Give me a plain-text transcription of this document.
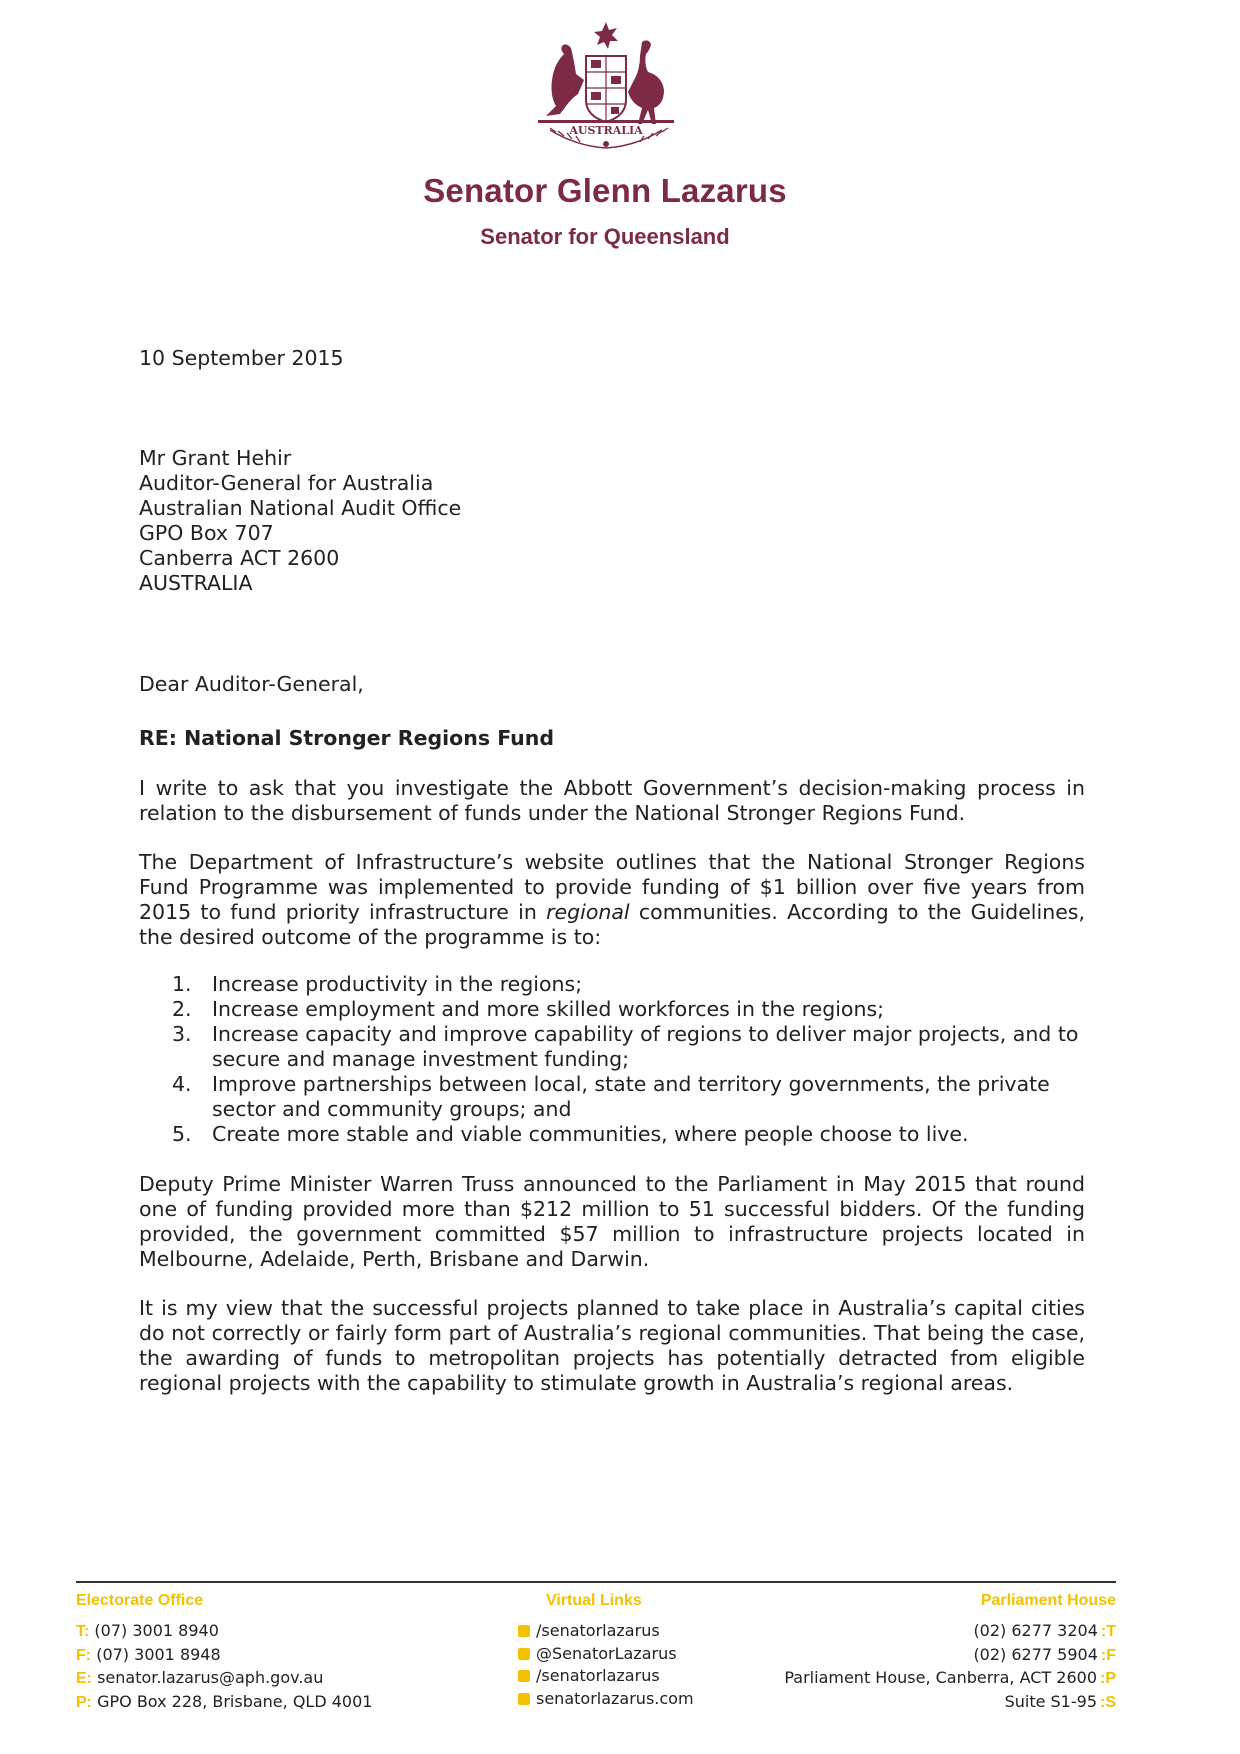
AUSTRALIA
Senator Glenn Lazarus
Senator for Queensland
10 September 2015
Mr Grant Hehir
Auditor-General for Australia
Australian National Audit Office
GPO Box 707
Canberra ACT 2600
AUSTRALIA
Dear Auditor-General,
RE: National Stronger Regions Fund
I write to ask that you investigate the Abbott Government’s decision-making process in relation to the disbursement of funds under the National Stronger Regions Fund.
The Department of Infrastructure’s website outlines that the National Stronger Regions Fund Programme was implemented to provide funding of $1 billion over five years from 2015 to fund priority infrastructure in regional communities. According to the Guidelines, the desired outcome of the programme is to:
1. Increase productivity in the regions;
2. Increase employment and more skilled workforces in the regions;
3. Increase capacity and improve capability of regions to deliver major projects, and to secure and manage investment funding;
4. Improve partnerships between local, state and territory governments, the private sector and community groups; and
5. Create more stable and viable communities, where people choose to live.
Deputy Prime Minister Warren Truss announced to the Parliament in May 2015 that round one of funding provided more than $212 million to 51 successful bidders. Of the funding provided, the government committed $57 million to infrastructure projects located in Melbourne, Adelaide, Perth, Brisbane and Darwin.
It is my view that the successful projects planned to take place in Australia’s capital cities do not correctly or fairly form part of Australia’s regional communities. That being the case, the awarding of funds to metropolitan projects has potentially detracted from eligible regional projects with the capability to stimulate growth in Australia’s regional areas.
Electorate Office	Virtual Links	Parliament House
T: (07) 3001 8940
F: (07) 3001 8948
E: senator.lazarus@aph.gov.au
P: GPO Box 228, Brisbane, QLD 4001
/senatorlazarus
@SenatorLazarus
/senatorlazarus
senatorlazarus.com
(02) 6277 3204 :T
(02) 6277 5904 :F
Parliament House, Canberra, ACT 2600 :P
Suite S1-95 :S
